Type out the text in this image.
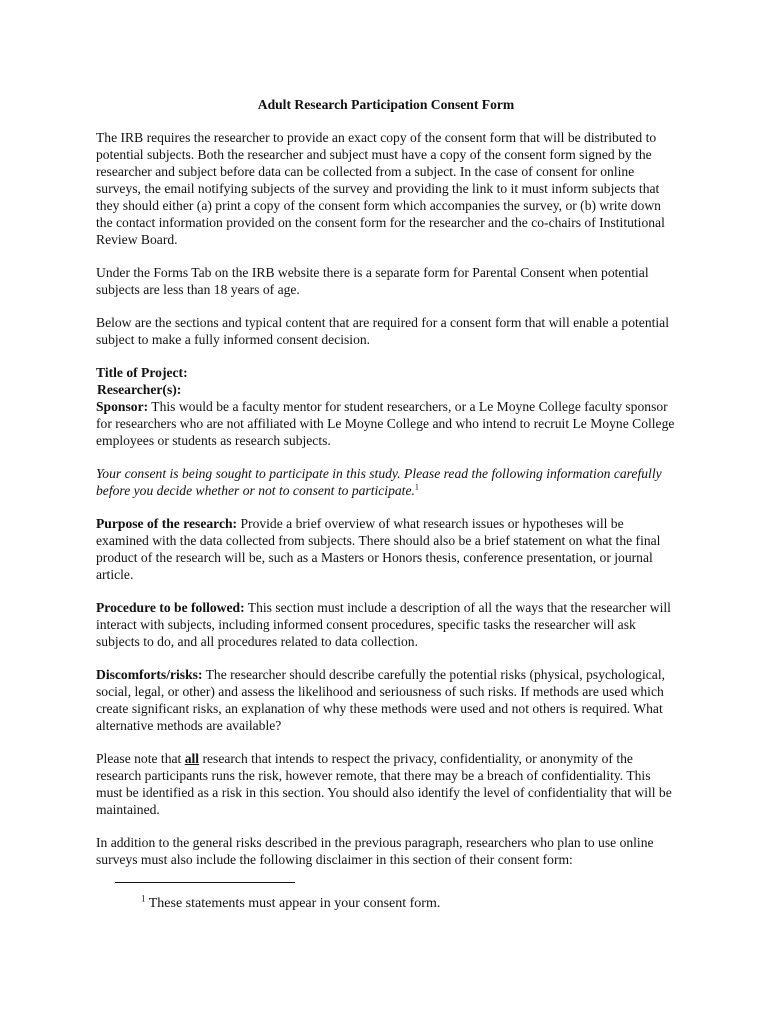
Adult Research Participation Consent Form

The IRB requires the researcher to provide an exact copy of the consent form that will be distributed to potential subjects. Both the researcher and subject must have a copy of the consent form signed by the researcher and subject before data can be collected from a subject. In the case of consent for online surveys, the email notifying subjects of the survey and providing the link to it must inform subjects that they should either (a) print a copy of the consent form which accompanies the survey, or (b) write down the contact information provided on the consent form for the researcher and the co-chairs of Institutional Review Board.

Under the Forms Tab on the IRB website there is a separate form for Parental Consent when potential subjects are less than 18 years of age.

Below are the sections and typical content that are required for a consent form that will enable a potential subject to make a fully informed consent decision.

Title of Project:

Researcher(s):

Sponsor: This would be a faculty mentor for student researchers, or a Le Moyne College faculty sponsor for researchers who are not affiliated with Le Moyne College and who intend to recruit Le Moyne College employees or students as research subjects.

Your consent is being sought to participate in this study. Please read the following information carefully before you decide whether or not to consent to participate.$^1$

Purpose of the research: Provide a brief overview of what research issues or hypotheses will be examined with the data collected from subjects. There should also be a brief statement on what the final product of the research will be, such as a Masters or Honors thesis, conference presentation, or journal article.

Procedure to be followed: This section must include a description of all the ways that the researcher will interact with subjects, including informed consent procedures, specific tasks the researcher will ask subjects to do, and all procedures related to data collection.

Discomforts/risks: The researcher should describe carefully the potential risks (physical, psychological, social, legal, or other) and assess the likelihood and seriousness of such risks. If methods are used which create significant risks, an explanation of why these methods were used and not others is required. What alternative methods are available?

Please note that all research that intends to respect the privacy, confidentiality, or anonymity of the research participants runs the risk, however remote, that there may be a breach of confidentiality. This must be identified as a risk in this section. You should also identify the level of confidentiality that will be maintained.

In addition to the general risks described in the previous paragraph, researchers who plan to use online surveys must also include the following disclaimer in this section of their consent form:

$^1$ These statements must appear in your consent form.
